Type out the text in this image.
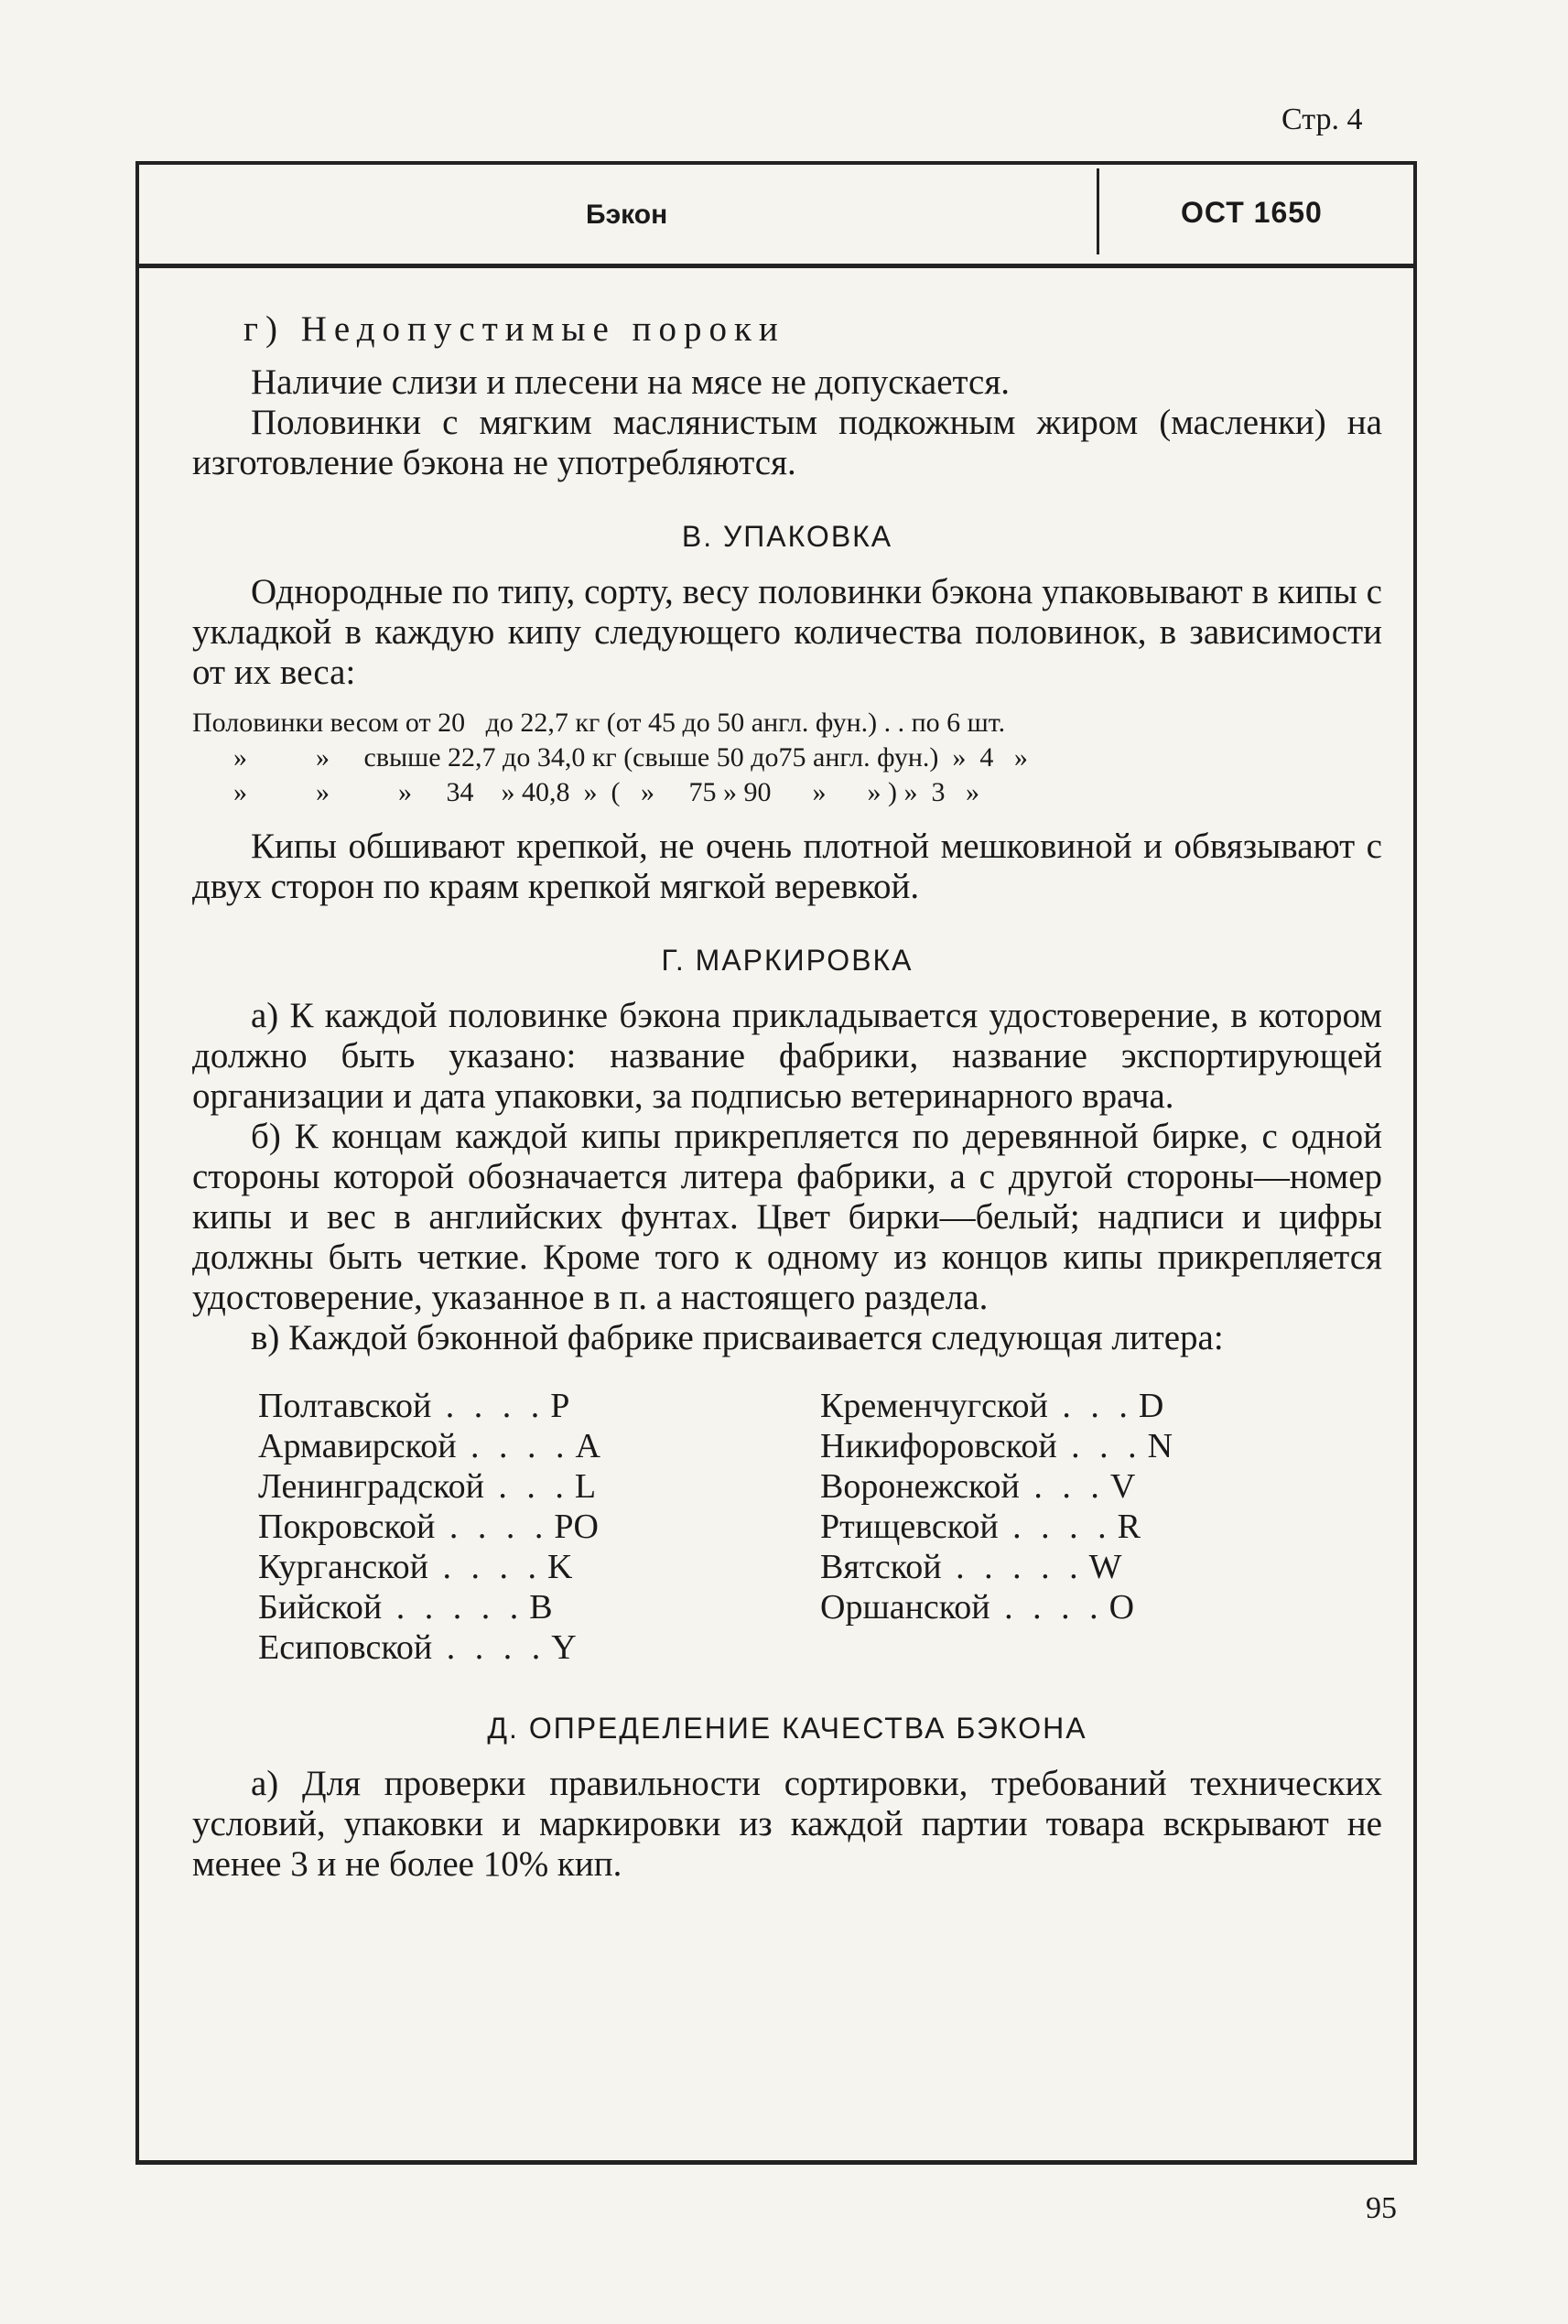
Стр. 4
Бэкон	ОСТ 1650

г) Недопустимые пороки

Наличие слизи и плесени на мясе не допускается.

Половинки с мягким маслянистым подкожным жиром (масленки) на изготовление бэкона не употребляются.

В. УПАКОВКА

Однородные по типу, сорту, весу половинки бэкона упаковывают в кипы с укладкой в каждую кипу следующего количества половинок, в зависимости от их веса:

Половинки весом от 20   до 22,7 кг (от 45 до 50 англ. фун.) . . по 6 шт.
»          »     свыше 22,7 до 34,0 кг (свыше 50 до75 англ. фун.)  »  4   »
»          »          »     34    » 40,8  »  (   »     75 » 90      »      » ) »  3   »

Кипы обшивают крепкой, не очень плотной мешковиной и обвязывают с двух сторон по краям крепкой мягкой веревкой.

Г. МАРКИРОВКА

а) К каждой половинке бэкона прикладывается удостоверение, в котором должно быть указано: название фабрики, название экспортирующей организации и дата упаковки, за подписью ветеринарного врача.

б) К концам каждой кипы прикрепляется по деревянной бирке, с одной стороны которой обозначается литера фабрики, а с другой стороны—номер кипы и вес в английских фунтах. Цвет бирки—белый; надписи и цифры должны быть четкие. Кроме того к одному из концов кипы прикрепляется удостоверение, указанное в п. а настоящего раздела.

в) Каждой бэконной фабрике присваивается следующая литера:

Полтавской . . . . P
Армавирской . . . . A
Ленинградской . . . L
Покровской . . . . PO
Курганской . . . . K
Бийской . . . . . B
Есиповской . . . . Y
Кременчугской . . . D
Никифоровской . . . N
Воронежской . . . V
Ртищевской . . . . R
Вятской . . . . . W
Оршанской . . . . O
Д. ОПРЕДЕЛЕНИЕ КАЧЕСТВА БЭКОНА

а) Для проверки правильности сортировки, требований технических условий, упаковки и маркировки из каждой партии товара вскрывают не менее 3 и не более 10% кип.

95
